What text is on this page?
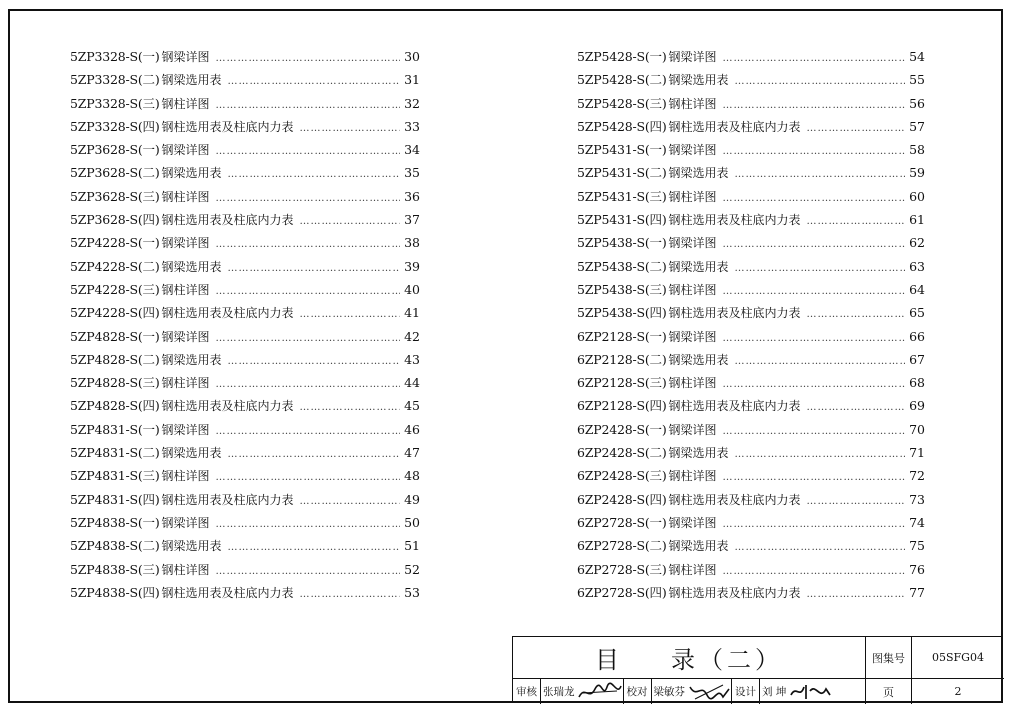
5ZP3328-S(一) 钢梁详图 …………………………………………………………………………………………………………	30
5ZP3328-S(二) 钢梁选用表 …………………………………………………………………………………………………………	31
5ZP3328-S(三) 钢柱详图 …………………………………………………………………………………………………………	32
5ZP3328-S(四) 钢柱选用表及柱底内力表 …………………………………………………………………………………………………………	33
5ZP3628-S(一) 钢梁详图 …………………………………………………………………………………………………………	34
5ZP3628-S(二) 钢梁选用表 …………………………………………………………………………………………………………	35
5ZP3628-S(三) 钢柱详图 …………………………………………………………………………………………………………	36
5ZP3628-S(四) 钢柱选用表及柱底内力表 …………………………………………………………………………………………………………	37
5ZP4228-S(一) 钢梁详图 …………………………………………………………………………………………………………	38
5ZP4228-S(二) 钢梁选用表 …………………………………………………………………………………………………………	39
5ZP4228-S(三) 钢柱详图 …………………………………………………………………………………………………………	40
5ZP4228-S(四) 钢柱选用表及柱底内力表 …………………………………………………………………………………………………………	41
5ZP4828-S(一) 钢梁详图 …………………………………………………………………………………………………………	42
5ZP4828-S(二) 钢梁选用表 …………………………………………………………………………………………………………	43
5ZP4828-S(三) 钢柱详图 …………………………………………………………………………………………………………	44
5ZP4828-S(四) 钢柱选用表及柱底内力表 …………………………………………………………………………………………………………	45
5ZP4831-S(一) 钢梁详图 …………………………………………………………………………………………………………	46
5ZP4831-S(二) 钢梁选用表 …………………………………………………………………………………………………………	47
5ZP4831-S(三) 钢柱详图 …………………………………………………………………………………………………………	48
5ZP4831-S(四) 钢柱选用表及柱底内力表 …………………………………………………………………………………………………………	49
5ZP4838-S(一) 钢梁详图 …………………………………………………………………………………………………………	50
5ZP4838-S(二) 钢梁选用表 …………………………………………………………………………………………………………	51
5ZP4838-S(三) 钢柱详图 …………………………………………………………………………………………………………	52
5ZP4838-S(四) 钢柱选用表及柱底内力表 …………………………………………………………………………………………………………	53
5ZP5428-S(一) 钢梁详图 …………………………………………………………………………………………………………	54
5ZP5428-S(二) 钢梁选用表 …………………………………………………………………………………………………………	55
5ZP5428-S(三) 钢柱详图 …………………………………………………………………………………………………………	56
5ZP5428-S(四) 钢柱选用表及柱底内力表 …………………………………………………………………………………………………………	57
5ZP5431-S(一) 钢梁详图 …………………………………………………………………………………………………………	58
5ZP5431-S(二) 钢梁选用表 …………………………………………………………………………………………………………	59
5ZP5431-S(三) 钢柱详图 …………………………………………………………………………………………………………	60
5ZP5431-S(四) 钢柱选用表及柱底内力表 …………………………………………………………………………………………………………	61
5ZP5438-S(一) 钢梁详图 …………………………………………………………………………………………………………	62
5ZP5438-S(二) 钢梁选用表 …………………………………………………………………………………………………………	63
5ZP5438-S(三) 钢柱详图 …………………………………………………………………………………………………………	64
5ZP5438-S(四) 钢柱选用表及柱底内力表 …………………………………………………………………………………………………………	65
6ZP2128-S(一) 钢梁详图 …………………………………………………………………………………………………………	66
6ZP2128-S(二) 钢梁选用表 …………………………………………………………………………………………………………	67
6ZP2128-S(三) 钢柱详图 …………………………………………………………………………………………………………	68
6ZP2128-S(四) 钢柱选用表及柱底内力表 …………………………………………………………………………………………………………	69
6ZP2428-S(一) 钢梁详图 …………………………………………………………………………………………………………	70
6ZP2428-S(二) 钢梁选用表 …………………………………………………………………………………………………………	71
6ZP2428-S(三) 钢柱详图 …………………………………………………………………………………………………………	72
6ZP2428-S(四) 钢柱选用表及柱底内力表 …………………………………………………………………………………………………………	73
6ZP2728-S(一) 钢梁详图 …………………………………………………………………………………………………………	74
6ZP2728-S(二) 钢梁选用表 …………………………………………………………………………………………………………	75
6ZP2728-S(三) 钢柱详图 …………………………………………………………………………………………………………	76
6ZP2728-S(四) 钢柱选用表及柱底内力表 …………………………………………………………………………………………………………	77
目 录（二）	图集号	05SFG04
审核 张瑞龙	校对 梁敏芬	设计 刘 坤	页	2
